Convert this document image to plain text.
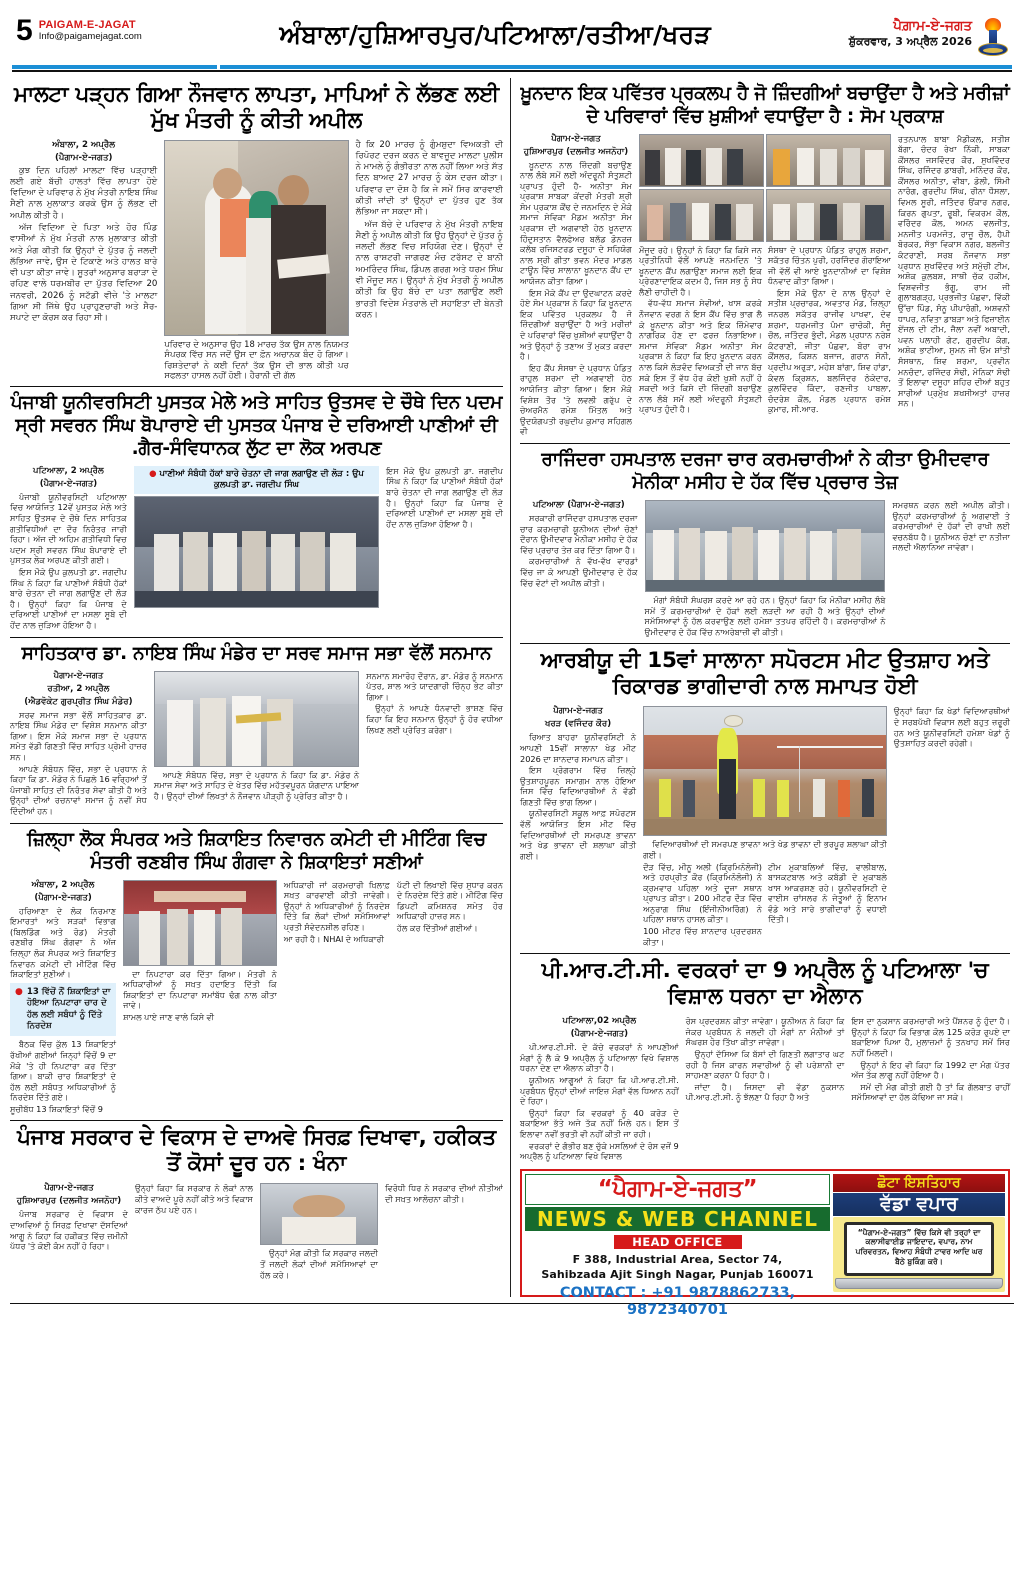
5 PAIGAM-E-JAGAT
Info@paigamejagat.com	ਅੰਬਾਲਾ/ਹੁਸ਼ਿਆਰਪੁਰ/ਪਟਿਆਲਾ/ਰਤੀਆ/ਖਰੜ	ਪੈਗ਼ਾਮ-ਏ-ਜਗਤ
ਸ਼ੁੱਕਰਵਾਰ, 3 ਅਪ੍ਰੈਲ 2026
ਮਾਲਟਾ ਪੜ੍ਹਨ ਗਿਆ ਨੌਜਵਾਨ ਲਾਪਤਾ, ਮਾਪਿਆਂ ਨੇ ਲੱਭਣ ਲਈ ਮੁੱਖ ਮੰਤਰੀ ਨੂੰ ਕੀਤੀ ਅਪੀਲ
ਅੰਬਾਲਾ, 2 ਅਪ੍ਰੈਲ
(ਪੈਗਾਮ-ਏ-ਜਗਤ)

ਕੁਝ ਦਿਨ ਪਹਿਲਾਂ ਮਾਲਟਾ ਵਿੱਚ ਪੜ੍ਹਾਈ ਲਈ ਗਏ ਬੱਚੀ ਹਾਲਤਾਂ ਵਿੱਚ ਲਾਪਤਾ ਹੋਏ ਵਿਦਿਆ ਦੇ ਪਰਿਵਾਰ ਨੇ ਮੁੱਖ ਮੰਤਰੀ ਨਾਇਬ ਸਿੰਘ ਸੈਣੀ ਨਾਲ ਮੁਲਾਕਾਤ ਕਰਕੇ ਉਸ ਨੂੰ ਲੱਭਣ ਦੀ ਅਪੀਲ ਕੀਤੀ ਹੈ।

ਅੱਜ ਵਿਦਿਆ ਦੇ ਪਿਤਾ ਅਤੇ ਹੋਰ ਪਿੰਡ ਵਾਸੀਆਂ ਨੇ ਮੁੱਖ ਮੰਤਰੀ ਨਾਲ ਮੁਲਾਕਾਤ ਕੀਤੀ ਅਤੇ ਮੰਗ ਕੀਤੀ ਕਿ ਉਨ੍ਹਾਂ ਦੇ ਪੁੱਤਰ ਨੂੰ ਜਲਦੀ ਲੱਭਿਆ ਜਾਵੇ, ਉਸ ਦੇ ਟਿਕਾਣੇ ਅਤੇ ਹਾਲਤ ਬਾਰੇ ਵੀ ਪਤਾ ਕੀਤਾ ਜਾਵੇ। ਸੂਤਰਾਂ ਅਨੁਸਾਰ ਬਰਾੜਾ ਦੇ ਰਹਿਣ ਵਾਲੇ ਧਰਮਬੀਰ ਦਾ ਪੁੱਤਰ ਵਿਦਿਆ 20 ਜਨਵਰੀ, 2026 ਨੂੰ ਸਟੱਡੀ ਵੀਜ਼ੇ 'ਤੇ ਮਾਲਟਾ ਗਿਆ ਸੀ ਜਿੱਥੇ ਉਹ ਪ੍ਰਾਹੁਣਚਾਰੀ ਅਤੇ ਸੈਰ-ਸਪਾਟੇ ਦਾ ਕੋਰਸ ਕਰ ਰਿਹਾ ਸੀ।

ਪਰਿਵਾਰ ਦੇ ਅਨੁਸਾਰ ਉਹ 18 ਮਾਰਚ ਤੱਕ ਉਸ ਨਾਲ ਨਿਯਮਤ ਸੰਪਰਕ ਵਿੱਚ ਸਨ ਜਦੋਂ ਉਸ ਦਾ ਫ਼ੋਨ ਅਚਾਨਕ ਬੰਦ ਹੋ ਗਿਆ। ਰਿਸ਼ਤੇਦਾਰਾਂ ਨੇ ਕਈ ਦਿਨਾਂ ਤੱਕ ਉਸ ਦੀ ਭਾਲ ਕੀਤੀ ਪਰ ਸਫਲਤਾ ਹਾਸਲ ਨਹੀਂ ਹੋਈ। ਹੈਰਾਨੀ ਦੀ ਗੱਲ

ਹੈ ਕਿ 20 ਮਾਰਚ ਨੂੰ ਗੁੰਮਸ਼ੁਦਾ ਵਿਅਕਤੀ ਦੀ ਰਿਪੋਰਟ ਦਰਜ ਕਰਨ ਦੇ ਬਾਵਜੂਦ ਮਾਲਟਾ ਪੁਲੀਸ ਨੇ ਮਾਮਲੇ ਨੂੰ ਗੰਭੀਰਤਾ ਨਾਲ ਨਹੀਂ ਲਿਆ ਅਤੇ ਸੱਤ ਦਿਨ ਬਾਅਦ 27 ਮਾਰਚ ਨੂੰ ਕੇਸ ਦਰਜ ਕੀਤਾ। ਪਰਿਵਾਰ ਦਾ ਦੋਸ਼ ਹੈ ਕਿ ਜੇ ਸਮੇਂ ਸਿਰ ਕਾਰਵਾਈ ਕੀਤੀ ਜਾਂਦੀ ਤਾਂ ਉਨ੍ਹਾਂ ਦਾ ਪੁੱਤਰ ਹੁਣ ਤੱਕ ਲੱਭਿਆ ਜਾ ਸਕਦਾ ਸੀ।

ਅੱਜ ਬੱਚੇ ਦੇ ਪਰਿਵਾਰ ਨੇ ਮੁੱਖ ਮੰਤਰੀ ਨਾਇਬ ਸੈਣੀ ਨੂੰ ਅਪੀਲ ਕੀਤੀ ਕਿ ਉਹ ਉਨ੍ਹਾਂ ਦੇ ਪੁੱਤਰ ਨੂੰ ਜਲਦੀ ਲੱਭਣ ਵਿਚ ਸਹਿਯੋਗ ਦੇਣ। ਉਨ੍ਹਾਂ ਦੇ ਨਾਲ ਰਾਸ਼ਟਰੀ ਜਾਗਰਣ ਮੰਚ ਟਰੱਸਟ ਦੇ ਬਾਨੀ ਅਮਰਿੰਦਰ ਸਿੰਘ, ਡਿੰਪਲ ਗਰਗ ਅਤੇ ਧਰਮ ਸਿੰਘ ਵੀ ਮੌਜੂਦ ਸਨ। ਉਨ੍ਹਾਂ ਨੇ ਮੁੱਖ ਮੰਤਰੀ ਨੂੰ ਅਪੀਲ ਕੀਤੀ ਕਿ ਉਹ ਬੱਚੇ ਦਾ ਪਤਾ ਲਗਾਉਣ ਲਈ ਭਾਰਤੀ ਵਿਦੇਸ਼ ਮੰਤਰਾਲੇ ਦੀ ਸਹਾਇਤਾ ਦੀ ਬੇਨਤੀ ਕਰਨ।

ਪੰਜਾਬੀ ਯੂਨੀਵਰਸਿਟੀ ਪੁਸਤਕ ਮੇਲੇ ਅਤੇ ਸਾਹਿਤ ਉਤਸਵ ਦੇ ਚੌਥੇ ਦਿਨ ਪਦਮ ਸ੍ਰੀ ਸਵਰਨ ਸਿੰਘ ਬੋਪਾਰਾਏ ਦੀ ਪੁਸਤਕ ਪੰਜਾਬ ਦੇ ਦਰਿਆਈ ਪਾਣੀਆਂ ਦੀ .ਗੈਰ-ਸੰਵਿਧਾਨਕ ਲੁੱਟ ਦਾ ਲੋਕ ਅਰਪਣ
ਪਟਿਆਲਾ, 2 ਅਪ੍ਰੈਲ
(ਪੈਗਾਮ-ਏ-ਜਗਤ)

ਪੰਜਾਬੀ ਯੂਨੀਵਰਸਿਟੀ ਪਟਿਆਲਾ ਵਿਚ ਆਯੋਜਿਤ 12ਵੇਂ ਪੁਸਤਕ ਮੇਲੇ ਅਤੇ ਸਾਹਿਤ ਉਤਸਵ ਦੇ ਚੌਥੇ ਦਿਨ ਸਾਹਿਤਕ ਗਤੀਵਿਧੀਆਂ ਦਾ ਦੌਰ ਨਿਰੰਤਰ ਜਾਰੀ ਰਿਹਾ। ਅੱਜ ਦੀ ਅਹਿਮ ਗਤੀਵਿਧੀ ਵਿਚ ਪਦਮ ਸ੍ਰੀ ਸਵਰਨ ਸਿੰਘ ਬੋਪਾਰਾਏ ਦੀ ਪੁਸਤਕ ਲੋਕ ਅਰਪਣ ਕੀਤੀ ਗਈ।

ਇਸ ਮੌਕੇ ਉਪ ਕੁਲਪਤੀ ਡਾ. ਜਗਦੀਪ ਸਿੰਘ ਨੇ ਕਿਹਾ ਕਿ ਪਾਣੀਆਂ ਸੰਬੰਧੀ ਹੱਕਾਂ ਬਾਰੇ ਚੇਤਨਾ ਦੀ ਜਾਗ ਲਗਾਉਣ ਦੀ ਲੋੜ ਹੈ। ਉਨ੍ਹਾਂ ਕਿਹਾ ਕਿ ਪੰਜਾਬ ਦੇ ਦਰਿਆਈ ਪਾਣੀਆਂ ਦਾ ਮਸਲਾ ਸੂਬੇ ਦੀ ਹੋਂਦ ਨਾਲ ਜੁੜਿਆ ਹੋਇਆ ਹੈ।

● ਪਾਣੀਆਂ ਸੰਬੰਧੀ ਹੱਕਾਂ ਬਾਰੇ ਚੇਤਨਾ ਦੀ ਜਾਗ ਲਗਾਉਣ ਦੀ ਲੋੜ : ਉਪ ਕੁਲਪਤੀ ਡਾ. ਜਗਦੀਪ ਸਿੰਘ

ਇਸ ਮੌਕੇ ਉਪ ਕੁਲਪਤੀ ਡਾ. ਜਗਦੀਪ ਸਿੰਘ ਨੇ ਕਿਹਾ ਕਿ ਪਾਣੀਆਂ ਸੰਬੰਧੀ ਹੱਕਾਂ ਬਾਰੇ ਚੇਤਨਾ ਦੀ ਜਾਗ ਲਗਾਉਣ ਦੀ ਲੋੜ ਹੈ। ਉਨ੍ਹਾਂ ਕਿਹਾ ਕਿ ਪੰਜਾਬ ਦੇ ਦਰਿਆਈ ਪਾਣੀਆਂ ਦਾ ਮਸਲਾ ਸੂਬੇ ਦੀ ਹੋਂਦ ਨਾਲ ਜੁੜਿਆ ਹੋਇਆ ਹੈ।

ਸਾਹਿਤਕਾਰ ਡਾ. ਨਾਇਬ ਸਿੰਘ ਮੰਡੇਰ ਦਾ ਸਰਵ ਸਮਾਜ ਸਭਾ ਵੱਲੋਂ ਸਨਮਾਨ
ਪੈਗਾਮ-ਏ-ਜਗਤ
ਰਤੀਆ, 2 ਅਪ੍ਰੈਲ
(ਐਡਵੋਕੇਟ ਗੁਰਪ੍ਰੀਤ ਸਿੰਘ ਮੰਡੇਰ)

ਸਰਵ ਸਮਾਜ ਸਭਾ ਵੱਲੋਂ ਸਾਹਿਤਕਾਰ ਡਾ. ਨਾਇਬ ਸਿੰਘ ਮੰਡੇਰ ਦਾ ਵਿਸ਼ੇਸ਼ ਸਨਮਾਨ ਕੀਤਾ ਗਿਆ। ਇਸ ਮੌਕੇ ਸਮਾਜ ਸਭਾ ਦੇ ਪ੍ਰਧਾਨ ਸਮੇਤ ਵੱਡੀ ਗਿਣਤੀ ਵਿੱਚ ਸਾਹਿਤ ਪ੍ਰੇਮੀ ਹਾਜ਼ਰ ਸਨ।

ਆਪਣੇ ਸੰਬੋਧਨ ਵਿੱਚ, ਸਭਾ ਦੇ ਪ੍ਰਧਾਨ ਨੇ ਕਿਹਾ ਕਿ ਡਾ. ਮੰਡੇਰ ਨੇ ਪਿਛਲੇ 16 ਵਰ੍ਹਿਆਂ ਤੋਂ ਪੰਜਾਬੀ ਸਾਹਿਤ ਦੀ ਨਿਰੰਤਰ ਸੇਵਾ ਕੀਤੀ ਹੈ ਅਤੇ ਉਨ੍ਹਾਂ ਦੀਆਂ ਰਚਨਾਵਾਂ ਸਮਾਜ ਨੂੰ ਨਵੀਂ ਸੇਧ ਦਿੰਦੀਆਂ ਹਨ।

ਆਪਣੇ ਸੰਬੋਧਨ ਵਿੱਚ, ਸਭਾ ਦੇ ਪ੍ਰਧਾਨ ਨੇ ਕਿਹਾ ਕਿ ਡਾ. ਮੰਡੇਰ ਨੇ ਸਮਾਜ ਸੇਵਾ ਅਤੇ ਸਾਹਿਤ ਦੇ ਖੇਤਰ ਵਿੱਚ ਮਹੱਤਵਪੂਰਨ ਯੋਗਦਾਨ ਪਾਇਆ ਹੈ। ਉਨ੍ਹਾਂ ਦੀਆਂ ਲਿਖਤਾਂ ਨੇ ਨੌਜਵਾਨ ਪੀੜ੍ਹੀ ਨੂੰ ਪ੍ਰੇਰਿਤ ਕੀਤਾ ਹੈ।

ਸਨਮਾਨ ਸਮਾਰੋਹ ਦੌਰਾਨ, ਡਾ. ਮੰਡੇਰ ਨੂੰ ਸਨਮਾਨ ਪੱਤਰ, ਸ਼ਾਲ ਅਤੇ ਯਾਦਗਾਰੀ ਚਿੰਨ੍ਹ ਭੇਟ ਕੀਤਾ ਗਿਆ।

ਉਨ੍ਹਾਂ ਨੇ ਆਪਣੇ ਧੰਨਵਾਦੀ ਭਾਸ਼ਣ ਵਿੱਚ ਕਿਹਾ ਕਿ ਇਹ ਸਨਮਾਨ ਉਨ੍ਹਾਂ ਨੂੰ ਹੋਰ ਵਧੀਆ ਲਿਖਣ ਲਈ ਪ੍ਰੇਰਿਤ ਕਰੇਗਾ।

ਜ਼ਿਲ੍ਹਾ ਲੋਕ ਸੰਪਰਕ ਅਤੇ ਸ਼ਿਕਾਇਤ ਨਿਵਾਰਨ ਕਮੇਟੀ ਦੀ ਮੀਟਿੰਗ ਵਿਚ ਮੰਤਰੀ ਰਣਬੀਰ ਸਿੰਘ ਗੰਗਵਾ ਨੇ ਸ਼ਿਕਾਇਤਾਂ ਸਣੀਆਂ
ਅੰਬਾਲਾ, 2 ਅਪ੍ਰੈਲ
(ਪੈਗਾਮ-ਏ-ਜਗਤ)

ਹਰਿਆਣਾ ਦੇ ਲੋਕ ਨਿਰਮਾਣ ਇਮਾਰਤਾਂ ਅਤੇ ਸੜਕਾਂ ਵਿਭਾਗ (ਬਿਲਡਿੰਗ ਅਤੇ ਰੋਡ) ਮੰਤਰੀ ਰਣਬੀਰ ਸਿੰਘ ਗੰਗਵਾ ਨੇ ਅੱਜ ਜ਼ਿਲ੍ਹਾ ਲੋਕ ਸੰਪਰਕ ਅਤੇ ਸ਼ਿਕਾਇਤ ਨਿਵਾਰਨ ਕਮੇਟੀ ਦੀ ਮੀਟਿੰਗ ਵਿੱਚ ਸ਼ਿਕਾਇਤਾਂ ਸੁਣੀਆਂ।

● 13 ਵਿੱਚੋਂ ਨੌਂ ਸ਼ਿਕਾਇਤਾਂ ਦਾ ਹੋਇਆ ਨਿਪਟਾਰਾ ਚਾਰ ਦੇ ਹੱਲ ਲਈ ਸਬੰਧਾਂ ਨੂੰ ਦਿੱਤੇ ਨਿਰਦੇਸ਼

ਬੈਠਕ ਵਿੱਚ ਕੁੱਲ 13 ਸ਼ਿਕਾਇਤਾਂ ਰੱਖੀਆਂ ਗਈਆਂ ਜਿਨ੍ਹਾਂ ਵਿੱਚੋਂ 9 ਦਾ ਮੌਕੇ 'ਤੇ ਹੀ ਨਿਪਟਾਰਾ ਕਰ ਦਿੱਤਾ ਗਿਆ। ਬਾਕੀ ਚਾਰ ਸ਼ਿਕਾਇਤਾਂ ਦੇ ਹੱਲ ਲਈ ਸਬੰਧਤ ਅਧਿਕਾਰੀਆਂ ਨੂੰ ਨਿਰਦੇਸ਼ ਦਿੱਤੇ ਗਏ।

ਸੂਚੀਬੱਧ 13 ਸ਼ਿਕਾਇਤਾਂ ਵਿੱਚੋਂ 9

ਦਾ ਨਿਪਟਾਰਾ ਕਰ ਦਿੱਤਾ ਗਿਆ। ਮੰਤਰੀ ਨੇ ਅਧਿਕਾਰੀਆਂ ਨੂੰ ਸਖ਼ਤ ਹਦਾਇਤ ਦਿੱਤੀ ਕਿ ਸ਼ਿਕਾਇਤਾਂ ਦਾ ਨਿਪਟਾਰਾ ਸਮਾਂਬੱਧ ਢੰਗ ਨਾਲ ਕੀਤਾ ਜਾਵੇ।

ਸ਼ਾਮਲ ਪਾਏ ਜਾਣ ਵਾਲੇ ਕਿਸੇ ਵੀ

ਅਧਿਕਾਰੀ ਜਾਂ ਕਰਮਚਾਰੀ ਖ਼ਿਲਾਫ਼ ਸਖ਼ਤ ਕਾਰਵਾਈ ਕੀਤੀ ਜਾਵੇਗੀ। ਉਨ੍ਹਾਂ ਨੇ ਅਧਿਕਾਰੀਆਂ ਨੂੰ ਨਿਰਦੇਸ਼ ਦਿੱਤੇ ਕਿ ਲੋਕਾਂ ਦੀਆਂ ਸਮੱਸਿਆਵਾਂ ਪ੍ਰਤੀ ਸੰਵੇਦਨਸ਼ੀਲ ਰਹਿਣ।

ਆ ਰਹੀ ਹੈ। NHAI ਦੇ ਅਧਿਕਾਰੀ

ਪੱਟੀ ਦੀ ਲਿਖਾਈ ਵਿੱਚ ਸੁਧਾਰ ਕਰਨ ਦੇ ਨਿਰਦੇਸ਼ ਦਿੱਤੇ ਗਏ। ਮੀਟਿੰਗ ਵਿੱਚ ਡਿਪਟੀ ਕਮਿਸ਼ਨਰ ਸਮੇਤ ਹੋਰ ਅਧਿਕਾਰੀ ਹਾਜ਼ਰ ਸਨ।

ਹੱਲ ਕਰ ਦਿੱਤੀਆਂ ਗਈਆਂ।

ਪੰਜਾਬ ਸਰਕਾਰ ਦੇ ਵਿਕਾਸ ਦੇ ਦਾਅਵੇ ਸਿਰਫ਼ ਦਿਖਾਵਾ, ਹਕੀਕਤ ਤੋਂ ਕੋਸਾਂ ਦੂਰ ਹਨ : ਖੰਨਾ
ਪੈਗਾਮ-ਏ-ਜਗਤ
ਹੁਸ਼ਿਆਰਪੁਰ (ਦਲਜੀਤ ਅਜਨੋਹਾ)

ਪੰਜਾਬ ਸਰਕਾਰ ਦੇ ਵਿਕਾਸ ਦੇ ਦਾਅਵਿਆਂ ਨੂੰ ਸਿਰਫ਼ ਦਿਖਾਵਾ ਦੱਸਦਿਆਂ ਆਗੂ ਨੇ ਕਿਹਾ ਕਿ ਹਕੀਕਤ ਵਿੱਚ ਜ਼ਮੀਨੀ ਪੱਧਰ 'ਤੇ ਕੋਈ ਕੰਮ ਨਹੀਂ ਹੋ ਰਿਹਾ।

ਉਨ੍ਹਾਂ ਕਿਹਾ ਕਿ ਸਰਕਾਰ ਨੇ ਲੋਕਾਂ ਨਾਲ ਕੀਤੇ ਵਾਅਦੇ ਪੂਰੇ ਨਹੀਂ ਕੀਤੇ ਅਤੇ ਵਿਕਾਸ ਕਾਰਜ ਠੱਪ ਪਏ ਹਨ।

ਉਨ੍ਹਾਂ ਮੰਗ ਕੀਤੀ ਕਿ ਸਰਕਾਰ ਜਲਦੀ ਤੋਂ ਜਲਦੀ ਲੋਕਾਂ ਦੀਆਂ ਸਮੱਸਿਆਵਾਂ ਦਾ ਹੱਲ ਕਰੇ।

ਵਿਰੋਧੀ ਧਿਰ ਨੇ ਸਰਕਾਰ ਦੀਆਂ ਨੀਤੀਆਂ ਦੀ ਸਖ਼ਤ ਆਲੋਚਨਾ ਕੀਤੀ।

ਖ਼ੂਨਦਾਨ ਇਕ ਪਵਿੱਤਰ ਪ੍ਰਕਲਪ ਹੈ ਜੋ ਜ਼ਿੰਦਗੀਆਂ ਬਚਾਉਂਦਾ ਹੈ ਅਤੇ ਮਰੀਜ਼ਾਂ ਦੇ ਪਰਿਵਾਰਾਂ ਵਿੱਚ ਖ਼ੁਸ਼ੀਆਂ ਵਧਾਉਂਦਾ ਹੈ : ਸੋਮ ਪ੍ਰਕਾਸ਼
ਪੈਗਾਮ-ਏ-ਜਗਤ
ਹੁਸ਼ਿਆਰਪੁਰ (ਦਲਜੀਤ ਅਜਨੋਹਾ)

ਖ਼ੂਨਦਾਨ ਨਾਲ ਜ਼ਿੰਦਗੀ ਬਚਾਉਣ ਨਾਲ ਲੰਬੇ ਸਮੇਂ ਲਈ ਅੰਦਰੂਨੀ ਸੰਤੁਸ਼ਟੀ ਪ੍ਰਾਪਤ ਹੁੰਦੀ ਹੈ- ਅਨੀਤਾ ਸੋਮ ਪ੍ਰਕਾਸ਼ ਸਾਬਕਾ ਕੇਂਦਰੀ ਮੰਤਰੀ ਸ਼੍ਰੀ ਸੋਮ ਪ੍ਰਕਾਸ਼ ਕੌਂਢ ਦੇ ਜਨਮਦਿਨ ਦੇ ਮੌਕੇ ਸਮਾਜ ਸੇਵਿਕਾ ਮੈਡਮ ਅਨੀਤਾ ਸੋਮ ਪ੍ਰਕਾਸ਼ ਦੀ ਅਗਵਾਈ ਹੇਠ ਖੂਨਦਾਨ ਹਿੰਦੁਸਤਾਨ ਵੈਲਫੇਅਰ ਬਲੱਡ ਡੋਨਰਜ਼ ਕਲੱਬ ਰਜਿਸਟਰਡ ਦਸੂਹਾ ਦੇ ਸਹਿਯੋਗ ਨਾਲ ਸ੍ਰੀ ਗੀਤਾ ਭਵਨ ਮੰਦਰ ਮਾਡਲ ਟਾਊਨ ਵਿੱਚ ਸਾਲਾਨਾ ਖੂਨਦਾਨ ਕੈਂਪ ਦਾ ਆਯੋਜਨ ਕੀਤਾ ਗਿਆ।

ਇਸ ਮੌਕੇ ਕੈਂਪ ਦਾ ਉਦਘਾਟਨ ਕਰਦੇ ਹੋਏ ਸੋਮ ਪ੍ਰਕਾਸ਼ ਨੇ ਕਿਹਾ ਕਿ ਖੂਨਦਾਨ ਇਕ ਪਵਿੱਤਰ ਪ੍ਰਕਲਪ ਹੈ ਜੋ ਜ਼ਿੰਦਗੀਆਂ ਬਚਾਉਂਦਾ ਹੈ ਅਤੇ ਮਰੀਜ਼ਾਂ ਦੇ ਪਰਿਵਾਰਾਂ ਵਿੱਚ ਖੁਸ਼ੀਆਂ ਵਧਾਉਂਦਾ ਹੈ ਅਤੇ ਉਨ੍ਹਾਂ ਨੂੰ ਤਣਾਅ ਤੋਂ ਮੁਕਤ ਕਰਦਾ ਹੈ।

ਇਹ ਕੈਂਪ ਸੰਸਥਾ ਦੇ ਪ੍ਰਧਾਨ ਪੰਡਿਤ ਰਾਹੁਲ ਸ਼ਰਮਾ ਦੀ ਅਗਵਾਈ ਹੇਠ ਆਯੋਜਿਤ ਕੀਤਾ ਗਿਆ। ਇਸ ਮੌਕੇ ਵਿਸ਼ੇਸ਼ ਤੌਰ 'ਤੇ ਲਵਲੀ ਗਰੁੱਪ ਦੇ ਚੇਅਰਮੈਨ ਰਮੇਸ਼ ਮਿੱਤਲ ਅਤੇ ਉਦਯੋਗਪਤੀ ਰਘੁਦੀਪ ਕੁਮਾਰ ਸਹਿਗਲ ਵੀ

ਮੌਜੂਦ ਰਹੇ। ਉਨ੍ਹਾਂ ਨੇ ਕਿਹਾ ਕਿ ਕਿਸੇ ਜਨ ਪ੍ਰਤੀਨਿਧੀ ਵੱਲੋਂ ਆਪਣੇ ਜਨਮਦਿਨ 'ਤੇ ਖੂਨਦਾਨ ਕੈਂਪ ਲਗਾਉਣਾ ਸਮਾਜ ਲਈ ਇਕ ਪ੍ਰੇਰਣਾਦਾਇਕ ਕਦਮ ਹੈ, ਜਿਸ ਸਭ ਨੂੰ ਸੇਧ ਲੈਣੀ ਚਾਹੀਦੀ ਹੈ।

ਵੱਧ-ਵੱਧ ਸਮਾਜ ਸੇਵੀਆਂ, ਖਾਸ ਕਰਕੇ ਨੌਜਵਾਨ ਵਰਗ ਨੇ ਇਸ ਕੈਂਪ ਵਿੱਚ ਭਾਗ ਲੈ ਕੇ ਖੂਨਦਾਨ ਕੀਤਾ ਅਤੇ ਇਕ ਜ਼ਿੰਮੇਵਾਰ ਨਾਗਰਿਕ ਹੋਣ ਦਾ ਫਰਜ਼ ਨਿਭਾਇਆ। ਸਮਾਜ ਸੇਵਿਕਾ ਮੈਡਮ ਅਨੀਤਾ ਸੋਮ ਪ੍ਰਕਾਸ਼ ਨੇ ਕਿਹਾ ਕਿ ਇਹ ਖੂਨਦਾਨ ਕਰਨ ਨਾਲ ਕਿਸੇ ਲੋੜਵੰਦ ਵਿਅਕਤੀ ਦੀ ਜਾਨ ਬੱਚ ਸਕੇ ਇਸ ਤੋਂ ਵੱਧ ਹੋਰ ਕੋਈ ਖੁਸ਼ੀ ਨਹੀਂ ਹੋ ਸਕਦੀ ਅਤੇ ਕਿਸੇ ਦੀ ਜ਼ਿੰਦਗੀ ਬਚਾਉਣ ਨਾਲ ਲੰਬੇ ਸਮੇਂ ਲਈ ਅੰਦਰੂਨੀ ਸੰਤੁਸ਼ਟੀ ਪ੍ਰਾਪਤ ਹੁੰਦੀ ਹੈ।

ਸੰਸਥਾ ਦੇ ਪ੍ਰਧਾਨ ਪੰਡਿਤ ਰਾਹੁਲ ਸ਼ਰਮਾ, ਸਕੱਤਰ ਚਿੰਤਨ ਪੁਰੀ, ਹਰਜਿੰਦਰ ਗੋਰਾਇਆ ਜੀ ਵੱਲੋਂ ਵੀ ਆਏ ਖੂਨਦਾਨੀਆਂ ਦਾ ਵਿਸ਼ੇਸ਼ ਧੰਨਵਾਦ ਕੀਤਾ ਗਿਆ।

ਇਸ ਮੌਕੇ ਉਨਾ ਦੇ ਨਾਲ ਉਨ੍ਹਾਂ ਦੇ ਸਤੀਸ਼ ਪ੍ਰਚਾਰਕ, ਅਵਤਾਰ ਮੰਡ, ਜ਼ਿਲ੍ਹਾ ਜਨਰਲ ਸਕੱਤਰ ਰਾਜੀਵ ਪਾਖਵਾ, ਦੇਵ ਸ਼ਰਮਾ, ਧਰਮਜੀਤ ਪੰਮਾ ਚਾਚੋਕੀ, ਸੰਜੂ ਚੌਲ, ਜਤਿੰਦਰ ਭੁੰਦੀ, ਮੰਡਲ ਪ੍ਰਧਾਨ ਨਰੇਸ਼ ਕੰਟਰਾਣੀ, ਜੀਤਾ ਪੰਛਵਾ, ਬੋਰਾ ਰਾਮ ਕੌਂਸਲਰ, ਕਿਸ਼ਨ ਬਜਾਜ, ਗਰਾਨ ਸੋਨੀ, ਪ੍ਰਦੀਪ ਅਰੁੜਾ, ਮਹੇਸ਼ ਬਾਂਗਾ, ਸ਼ਿਵ ਹਾਂਡਾ, ਕੰਵਲ ਕ੍ਰਿਸ਼ਨ, ਬਲਜਿੰਦਰ ਠੇਕੇਦਾਰ, ਕੁਲਵਿੰਦਰ ਕਿੰਦਾ, ਰਣਜੀਤ ਪਾਬਲਾ, ਚੰਦਰੇਸ਼ ਕੌਲ, ਮੰਡਲ ਪ੍ਰਧਾਨ ਰਮੇਸ਼ ਕੁਮਾਰ, ਸੀ.ਆਰ.

ਰਤਨਪਾਲ ਬਾਬਾ ਮੈਡੀਕਲ, ਸਤੀਸ਼ ਬੱਗਾ, ਚੰਦਰ ਰੇਖਾ ਨਿੱਕੀ, ਸਾਬਕਾ ਕੌਂਸਲਰ ਜਸਵਿੰਦਰ ਕੌਰ, ਸੁਖਵਿੰਦਰ ਸਿੰਘ, ਰਜਿੰਦਰ ਡਾਬਰੀ, ਮਨਿੰਦਰ ਕੌਰ, ਕੌਂਸਲਰ ਅਨੀਤਾ, ਵੀਬਾ, ਡੋਲੀ, ਸਿੰਮੀ ਨਾਰੰਗ, ਗੁਰਦੀਪ ਸਿੰਘ, ਰੀਨਾ ਧੌਸਲਾ, ਵਿਮਲ ਸੂਰੀ, ਜਤਿੰਦਰ ਓਂਕਾਰ ਨਗਰ, ਕਿਰਨ ਗੁਪਤਾ, ਰੂਬੀ, ਵਿਕਰਮ ਕੌਲ, ਵਰਿੰਦਰ ਕੌਲ, ਅਮਨ ਵਲਜੀਤ, ਮਨਜੀਤ ਪਰਮਜੋਤ, ਰਾਜੂ ਚੌਲ, ਹੈਪੀ ਬੋਰਕਰ, ਸੱਭਾ ਵਿਕਾਸ ਨਗਰ, ਬਲਜੀਤ ਕੰਟਰਾਣੀ, ਸਰਬ ਨੌਜਵਾਨ ਸਭਾ ਪ੍ਰਧਾਨ ਸੁਖਵਿੰਦਰ ਅਤੇ ਸਮੁੱਚੀ ਟੀਮ, ਅਸ਼ੋਕ ਕੁਲਬਸ਼, ਸਾਥੀ ਚੱਕ ਹਕੀਮ, ਵਿਸ਼ਵਜੀਤ ਭੰਗੂ, ਰਾਮ ਜੀ ਗੁਲਾਬਗੜ੍ਹ, ਪ੍ਰਭਜੀਤ ਪੰਛਵਾ, ਵਿੱਕੀ ਉੱਚਾ ਪਿੰਡ, ਸੰਨੂ ਪੀਪਾਰੰਗੀ, ਅਸ਼ਵਨੀ ਧਾਪਰ, ਨਵਿਤਾ ਡਾਬੜਾ ਅਤੇ ਫਿਜ਼ਾਈਨ ਏਂਜਲ ਦੀ ਟੀਮ, ਜੈਲਾ ਨਵੀਂ ਅਬਾਦੀ, ਪਵਨ ਪਲਾਹੀ ਗੇਟ, ਗੁਰਦੀਪ ਕੰਗ, ਅਸ਼ੋਕ ਭਾਟੀਆ, ਸੁਮਨ ਜੀ ਓਮ ਸ਼ਾਂਤੀ ਸੰਸਥਾਨ, ਸ਼ਿਵ ਸ਼ਰਮਾ, ਪ੍ਰਵੀਨ ਮਨਚੰਦਾ, ਰਜਿੰਦਰ ਸੋਢੀ, ਮੋਨਿਕਾ ਸੋਢੀ ਤੋਂ ਇਲਾਵਾ ਦਸੂਹਾ ਸ਼ਹਿਰ ਦੀਆਂ ਬਹੁਤ ਸਾਰੀਆਂ ਪ੍ਰਮੁੱਖ ਸ਼ਖਸੀਅਤਾਂ ਹਾਜ਼ਰ ਸਨ।

ਰਾਜਿੰਦਰਾ ਹਸਪਤਾਲ ਦਰਜਾ ਚਾਰ ਕਰਮਚਾਰੀਆਂ ਨੇ ਕੀਤਾ ਉਮੀਦਵਾਰ ਮੋਨੀਕਾ ਮਸੀਹ ਦੇ ਹੱਕ ਵਿੱਚ ਪ੍ਰਚਾਰ ਤੇਜ਼
ਪਟਿਆਲਾ (ਪੈਗਾਮ-ਏ-ਜਗਤ)

ਸਰਕਾਰੀ ਰਾਜਿੰਦਰਾ ਹਸਪਤਾਲ ਦਰਜਾ ਚਾਰ ਕਰਮਚਾਰੀ ਯੂਨੀਅਨ ਦੀਆਂ ਚੋਣਾਂ ਦੌਰਾਨ ਉਮੀਦਵਾਰ ਮੋਨੀਕਾ ਮਸੀਹ ਦੇ ਹੱਕ ਵਿੱਚ ਪ੍ਰਚਾਰ ਤੇਜ਼ ਕਰ ਦਿੱਤਾ ਗਿਆ ਹੈ।

ਕਰਮਚਾਰੀਆਂ ਨੇ ਵੱਖ-ਵੱਖ ਵਾਰਡਾਂ ਵਿੱਚ ਜਾ ਕੇ ਆਪਣੀ ਉਮੀਦਵਾਰ ਦੇ ਹੱਕ ਵਿੱਚ ਵੋਟਾਂ ਦੀ ਅਪੀਲ ਕੀਤੀ।

ਮੰਗਾਂ ਸੰਬੰਧੀ ਸੰਘਰਸ਼ ਕਰਦੇ ਆ ਰਹੇ ਹਨ। ਉਨ੍ਹਾਂ ਕਿਹਾ ਕਿ ਮੋਨੀਕਾ ਮਸੀਹ ਲੰਬੇ ਸਮੇਂ ਤੋਂ ਕਰਮਚਾਰੀਆਂ ਦੇ ਹੱਕਾਂ ਲਈ ਲੜਦੀ ਆ ਰਹੀ ਹੈ ਅਤੇ ਉਨ੍ਹਾਂ ਦੀਆਂ ਸਮੱਸਿਆਵਾਂ ਨੂੰ ਹੱਲ ਕਰਵਾਉਣ ਲਈ ਹਮੇਸ਼ਾ ਤਤਪਰ ਰਹਿੰਦੀ ਹੈ। ਕਰਮਚਾਰੀਆਂ ਨੇ ਉਮੀਦਵਾਰ ਦੇ ਹੱਕ ਵਿੱਚ ਨਾਅਰੇਬਾਜ਼ੀ ਵੀ ਕੀਤੀ।

ਸਮਰਥਨ ਕਰਨ ਲਈ ਅਪੀਲ ਕੀਤੀ। ਉਨ੍ਹਾਂ ਕਰਮਚਾਰੀਆਂ ਨੂੰ ਅਗਵਾਈ ਤੇ ਕਰਮਚਾਰੀਆਂ ਦੇ ਹੱਕਾਂ ਦੀ ਰਾਖੀ ਲਈ ਵਚਨਬੱਧ ਹੈ। ਯੂਨੀਅਨ ਚੋਣਾਂ ਦਾ ਨਤੀਜਾ ਜਲਦੀ ਐਲਾਨਿਆ ਜਾਵੇਗਾ।

ਆਰਬੀਯੂ ਦੀ 15ਵਾਂ ਸਾਲਾਨਾ ਸਪੋਰਟਸ ਮੀਟ ਉਤਸ਼ਾਹ ਅਤੇ ਰਿਕਾਰਡ ਭਾਗੀਦਾਰੀ ਨਾਲ ਸਮਾਪਤ ਹੋਈ
ਪੈਗਾਮ-ਏ-ਜਗਤ
ਖਰੜ (ਵਜਿੰਦਰ ਕੌਰ)

ਰਿਆਤ ਬਾਹਰਾ ਯੂਨੀਵਰਸਿਟੀ ਨੇ ਆਪਣੀ 15ਵੀਂ ਸਾਲਾਨਾ ਖੇਡ ਮੀਟ 2026 ਦਾ ਸ਼ਾਨਦਾਰ ਸਮਾਪਨ ਕੀਤਾ।

ਇਸ ਪ੍ਰੋਗਰਾਮ ਵਿੱਚ ਜ਼ਿਲ੍ਹੇ ਉਤਸ਼ਾਹਪੂਰਨ ਸਮਾਗਮ ਨਾਲ ਹੋਇਆ ਜਿਸ ਵਿੱਚ ਵਿਦਿਆਰਥੀਆਂ ਨੇ ਵੱਡੀ ਗਿਣਤੀ ਵਿੱਚ ਭਾਗ ਲਿਆ।

ਯੂਨੀਵਰਸਿਟੀ ਸਕੂਲ ਆਫ਼ ਸਪੋਰਟਸ ਵੱਲੋਂ ਆਯੋਜਿਤ ਇਸ ਮੀਟ ਵਿੱਚ ਵਿਦਿਆਰਥੀਆਂ ਦੀ ਸਮਰਪਣ ਭਾਵਨਾ ਅਤੇ ਖੇਡ ਭਾਵਨਾ ਦੀ ਸ਼ਲਾਘਾ ਕੀਤੀ ਗਈ।

ਵਿਦਿਆਰਥੀਆਂ ਦੀ ਸਮਰਪਣ ਭਾਵਨਾ ਅਤੇ ਖੇਡ ਭਾਵਨਾ ਦੀ ਭਰਪੂਰ ਸ਼ਲਾਘਾ ਕੀਤੀ ਗਈ।

ਦੌੜ ਵਿੱਚ, ਮੀਨੂ ਅਲੀ (ਕ੍ਰਿਮਿਨੋਲੋਜੀ) ਅਤੇ ਹਰਪ੍ਰੀਤ ਕੌਰ (ਕ੍ਰਿਮਿਨੋਲੋਜੀ) ਨੇ ਕ੍ਰਮਵਾਰ ਪਹਿਲਾ ਅਤੇ ਦੂਜਾ ਸਥਾਨ ਪ੍ਰਾਪਤ ਕੀਤਾ। 200 ਮੀਟਰ ਦੌੜ ਵਿੱਚ ਅਨੁਰਾਗ ਸਿੰਘ (ਇੰਜੀਨੀਅਰਿੰਗ) ਨੇ ਪਹਿਲਾ ਸਥਾਨ ਹਾਸਲ ਕੀਤਾ।

100 ਮੀਟਰ ਵਿੱਚ ਸ਼ਾਨਦਾਰ ਪ੍ਰਦਰਸ਼ਨ ਕੀਤਾ।

ਟੀਮ ਮੁਕਾਬਲਿਆਂ ਵਿੱਚ, ਵਾਲੀਬਾਲ, ਬਾਸਕਟਬਾਲ ਅਤੇ ਕਬੱਡੀ ਦੇ ਮੁਕਾਬਲੇ ਖਾਸ ਆਕਰਸ਼ਣ ਰਹੇ। ਯੂਨੀਵਰਸਿਟੀ ਦੇ ਵਾਈਸ ਚਾਂਸਲਰ ਨੇ ਜੇਤੂਆਂ ਨੂੰ ਇਨਾਮ ਵੰਡੇ ਅਤੇ ਸਾਰੇ ਭਾਗੀਦਾਰਾਂ ਨੂੰ ਵਧਾਈ ਦਿੱਤੀ।

ਉਨ੍ਹਾਂ ਕਿਹਾ ਕਿ ਖੇਡਾਂ ਵਿਦਿਆਰਥੀਆਂ ਦੇ ਸਰਬਪੱਖੀ ਵਿਕਾਸ ਲਈ ਬਹੁਤ ਜ਼ਰੂਰੀ ਹਨ ਅਤੇ ਯੂਨੀਵਰਸਿਟੀ ਹਮੇਸ਼ਾ ਖੇਡਾਂ ਨੂੰ ਉਤਸ਼ਾਹਿਤ ਕਰਦੀ ਰਹੇਗੀ।

ਪੀ.ਆਰ.ਟੀ.ਸੀ. ਵਰਕਰਾਂ ਦਾ 9 ਅਪ੍ਰੈਲ ਨੂੰ ਪਟਿਆਲਾ 'ਚ ਵਿਸ਼ਾਲ ਧਰਨਾ ਦਾ ਐਲਾਨ
ਪਟਿਆਲਾ,02 ਅਪ੍ਰੈਲ
(ਪੈਗਾਮ-ਏ-ਜਗਤ)

ਪੀ.ਆਰ.ਟੀ.ਸੀ. ਦੇ ਕੱਚੇ ਵਰਕਰਾਂ ਨੇ ਆਪਣੀਆਂ ਮੰਗਾਂ ਨੂੰ ਲੈ ਕੇ 9 ਅਪ੍ਰੈਲ ਨੂੰ ਪਟਿਆਲਾ ਵਿਖੇ ਵਿਸ਼ਾਲ ਧਰਨਾ ਦੇਣ ਦਾ ਐਲਾਨ ਕੀਤਾ ਹੈ।

ਯੂਨੀਅਨ ਆਗੂਆਂ ਨੇ ਕਿਹਾ ਕਿ ਪੀ.ਆਰ.ਟੀ.ਸੀ. ਪ੍ਰਬੰਧਨ ਉਨ੍ਹਾਂ ਦੀਆਂ ਜਾਇਜ਼ ਮੰਗਾਂ ਵੱਲ ਧਿਆਨ ਨਹੀਂ ਦੇ ਰਿਹਾ।

ਉਨ੍ਹਾਂ ਕਿਹਾ ਕਿ ਵਰਕਰਾਂ ਨੂੰ 40 ਕਰੋੜ ਦੇ ਬਕਾਇਆ ਭੱਤੇ ਅਜੇ ਤੱਕ ਨਹੀਂ ਮਿਲੇ ਹਨ। ਇਸ ਤੋਂ ਇਲਾਵਾ ਨਵੀਂ ਭਰਤੀ ਵੀ ਨਹੀਂ ਕੀਤੀ ਜਾ ਰਹੀ।

ਵਰਕਰਾਂ ਦੇ ਗੰਭੀਰ ਬਣ ਚੁੱਕੇ ਮਸਲਿਆਂ ਦੇ ਰੋਸ ਵਜੋਂ 9 ਅਪ੍ਰੈਲ ਨੂੰ ਪਟਿਆਲਾ ਵਿਖੇ ਵਿਸ਼ਾਲ

ਰੋਸ ਪ੍ਰਦਰਸ਼ਨ ਕੀਤਾ ਜਾਵੇਗਾ। ਯੂਨੀਅਨ ਨੇ ਕਿਹਾ ਕਿ ਜੇਕਰ ਪ੍ਰਬੰਧਨ ਨੇ ਜਲਦੀ ਹੀ ਮੰਗਾਂ ਨਾ ਮੰਨੀਆਂ ਤਾਂ ਸੰਘਰਸ਼ ਹੋਰ ਤਿੱਖਾ ਕੀਤਾ ਜਾਵੇਗਾ।

ਉਨ੍ਹਾਂ ਦੱਸਿਆ ਕਿ ਬੱਸਾਂ ਦੀ ਗਿਣਤੀ ਲਗਾਤਾਰ ਘਟ ਰਹੀ ਹੈ ਜਿਸ ਕਾਰਨ ਸਵਾਰੀਆਂ ਨੂੰ ਵੀ ਪਰੇਸ਼ਾਨੀ ਦਾ ਸਾਹਮਣਾ ਕਰਨਾ ਪੈ ਰਿਹਾ ਹੈ।

ਜਾਂਦਾ ਹੈ। ਜਿਸਦਾ ਵੀ ਵੱਡਾ ਨੁਕਸਾਨ ਪੀ.ਆਰ.ਟੀ.ਸੀ. ਨੂੰ ਝੱਲਣਾ ਪੈ ਰਿਹਾ ਹੈ ਅਤੇ

ਇਸ ਦਾ ਨੁਕਸਾਨ ਕਰਮਚਾਰੀ ਅਤੇ ਪੈਂਸ਼ਨਰ ਨੂੰ ਹੁੰਦਾ ਹੈ। ਉਨ੍ਹਾਂ ਨੇ ਕਿਹਾ ਕਿ ਵਿਭਾਗ ਕੋਲ 125 ਕਰੋੜ ਰੁਪਏ ਦਾ ਬਕਾਇਆ ਪਿਆ ਹੈ, ਮੁਲਾਜ਼ਮਾਂ ਨੂੰ ਤਨਖਾਹ ਸਮੇਂ ਸਿਰ ਨਹੀਂ ਮਿਲਦੀ।

ਉਨ੍ਹਾਂ ਨੇ ਇਹ ਵੀ ਕਿਹਾ ਕਿ 1992 ਦਾ ਮੰਗ ਪੱਤਰ ਅੱਜ ਤੱਕ ਲਾਗੂ ਨਹੀਂ ਹੋਇਆ ਹੈ।

ਸਮੇਂ ਦੀ ਮੰਗ ਕੀਤੀ ਗਈ ਹੈ ਤਾਂ ਕਿ ਗੱਲਬਾਤ ਰਾਹੀਂ ਸਮੱਸਿਆਵਾਂ ਦਾ ਹੱਲ ਕੱਢਿਆ ਜਾ ਸਕੇ।

“ਪੈਗਾਮ-ਏ-ਜਗਤ”
NEWS & WEB CHANNEL
HEAD OFFICE
F 388, Industrial Area, Sector 74,
Sahibzada Ajit Singh Nagar, Punjab 160071
CONTACT : +91 9878862733, 9872340701
ਛੋਟਾ ਇਸ਼ਤਿਹਾਰ
ਵੱਡਾ ਵਪਾਰ
“ਪੈਗਾਮ-ਏ-ਜਗਤ” ਵਿੱਚ ਕਿਸੇ ਵੀ ਤਰ੍ਹਾਂ ਦਾ ਕਲਾਸੀਫਾਈਡ ਜਾਇਦਾਦ, ਵਪਾਰ, ਨਾਮ ਪਰਿਵਰਤਨ, ਵਿਆਹ ਸੰਬੰਧੀ ਟਾਵਰ ਆਦਿ ਘਰ ਬੈਠੇ ਬੁਕਿੰਗ ਕਰੋ।
